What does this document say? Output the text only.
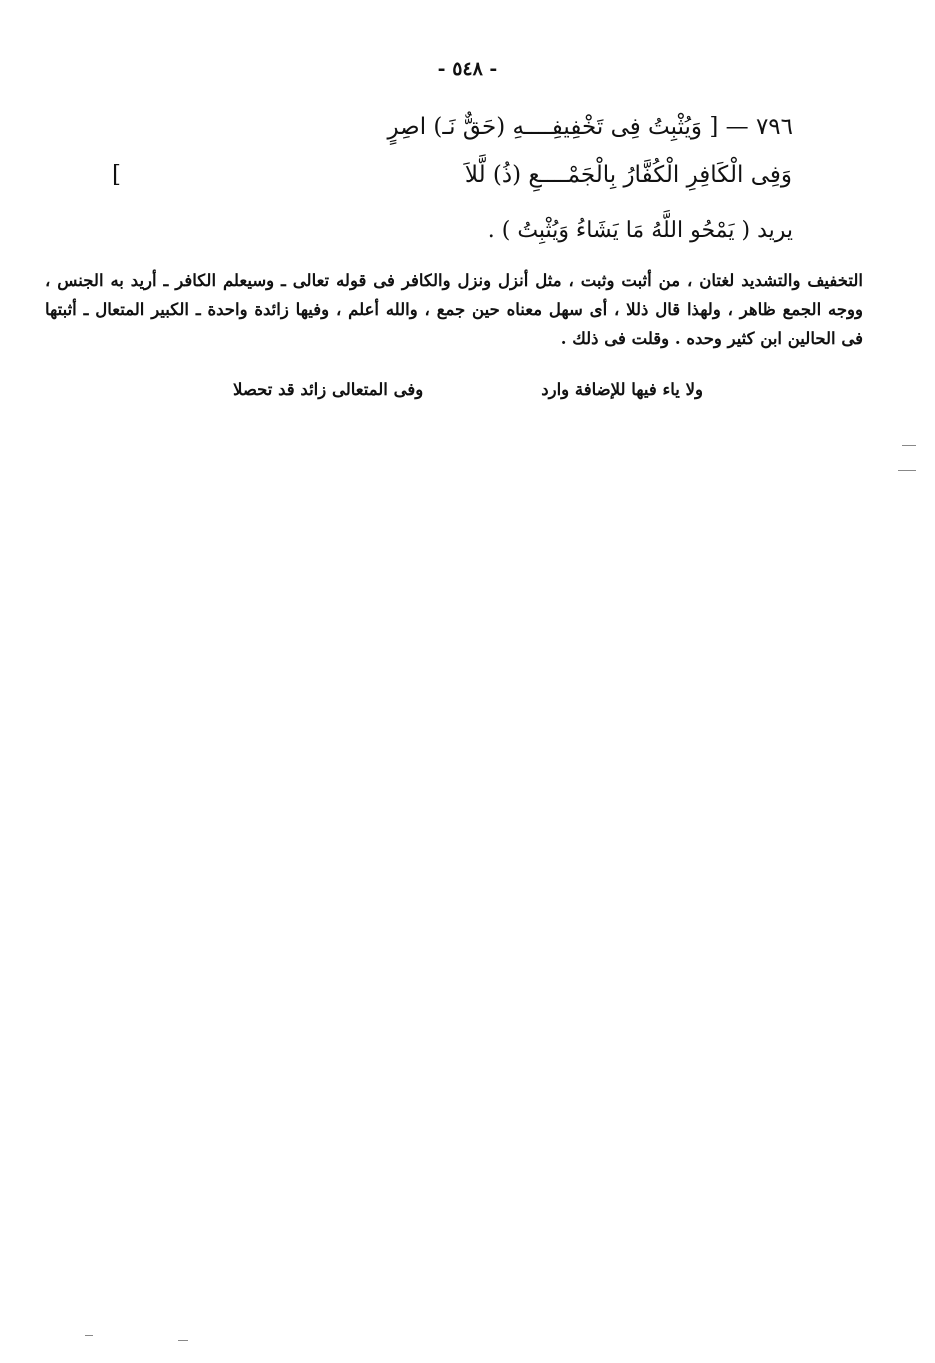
- ٥٤٨ -
٧٩٦ — [ وَيُثْبِتُ فِى تَخْفِيفِــــهِ (حَقٌّ نَـ) اصِرٍ
وَفِى الْكَافِرِ الْكُفَّارُ بِالْجَمْــــعِ (ذُ) لَّلاَ
]
يريد ( يَمْحُو اللَّهُ مَا يَشَاءُ وَيُثْبِتُ ) .

التخفيف والتشديد لغتان ، من أثبت وثبت ، مثل أنزل ونزل والكافر فى قوله تعالى ـ وسيعلم الكافر ـ أريد به الجنس ، ووجه الجمع ظاهر ، ولهذا قال ذللا ، أى سهل معناه حين جمع ، والله أعلم ، وفيها زائدة واحدة ـ الكبير المتعال ـ أثبتها فى الحالين ابن كثير وحده . وقلت فى ذلك .

ولا ياء فيها للإضافة وارد
وفى المتعالى زائد قد تحصلا
